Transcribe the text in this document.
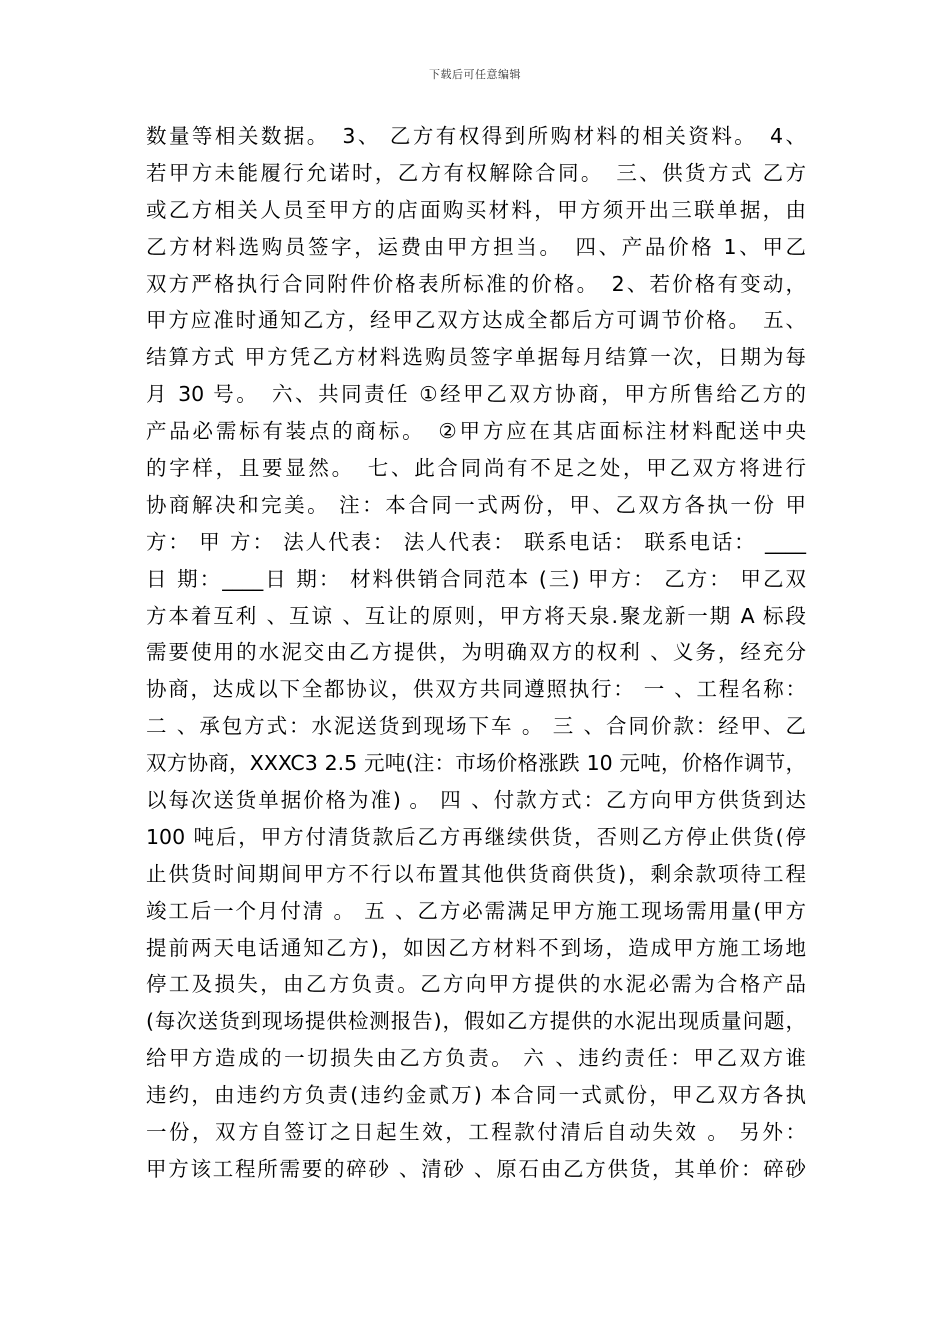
下载后可任意编辑
数量等相关数据。　3、 乙方有权得到所购材料的相关资料。　4、
若甲方未能履行允诺时，乙方有权解除合同。　三、供货方式 乙方
或乙方相关人员至甲方的店面购买材料，甲方须开出三联单据，由
乙方材料选购员签字，运费由甲方担当。　四、产品价格 1、甲乙
双方严格执行合同附件价格表所标准的价格。　2、若价格有变动，
甲方应准时通知乙方，经甲乙双方达成全都后方可调节价格。　五、
结算方式 甲方凭乙方材料选购员签字单据每月结算一次，日期为每
月 30 号。　六、共同责任 ①经甲乙双方协商，甲方所售给乙方的
产品必需标有装点的商标。　②甲方应在其店面标注材料配送中央
的字样，且要显然。　七、此合同尚有不足之处，甲乙双方将进行
协商解决和完美。 注：本合同一式两份，甲、乙双方各执一份 甲
方： 甲 方： 法人代表： 法人代表： 联系电话： 联系电话： ____
日 期：____日 期： 材料供销合同范本 (三) 甲方： 乙方： 甲乙双
方本着互利 、互谅 、互让的原则，甲方将天泉.聚龙新一期 A 标段
需要使用的水泥交由乙方提供，为明确双方的权利 、义务，经充分
协商，达成以下全都协议，供双方共同遵照执行： 一 、工程名称：
二 、承包方式：水泥送货到现场下车 。 三 、合同价款：经甲、乙
双方协商，XXXC3 2.5 元吨(注：市场价格涨跌 10 元吨，价格作调节，
以每次送货单据价格为准) 。 四 、付款方式：乙方向甲方供货到达
100 吨后，甲方付清货款后乙方再继续供货，否则乙方停止供货(停
止供货时间期间甲方不行以布置其他供货商供货)，剩余款项待工程
竣工后一个月付清 。 五 、乙方必需满足甲方施工现场需用量(甲方
提前两天电话通知乙方)，如因乙方材料不到场，造成甲方施工场地
停工及损失，由乙方负责。乙方向甲方提供的水泥必需为合格产品
(每次送货到现场提供检测报告)，假如乙方提供的水泥出现质量问题，
给甲方造成的一切损失由乙方负责。 六 、违约责任：甲乙双方谁
违约，由违约方负责(违约金贰万) 本合同一式贰份，甲乙双方各执
一份，双方自签订之日起生效，工程款付清后自动失效 。 另外：
甲方该工程所需要的碎砂 、清砂 、原石由乙方供货，其单价：碎砂
